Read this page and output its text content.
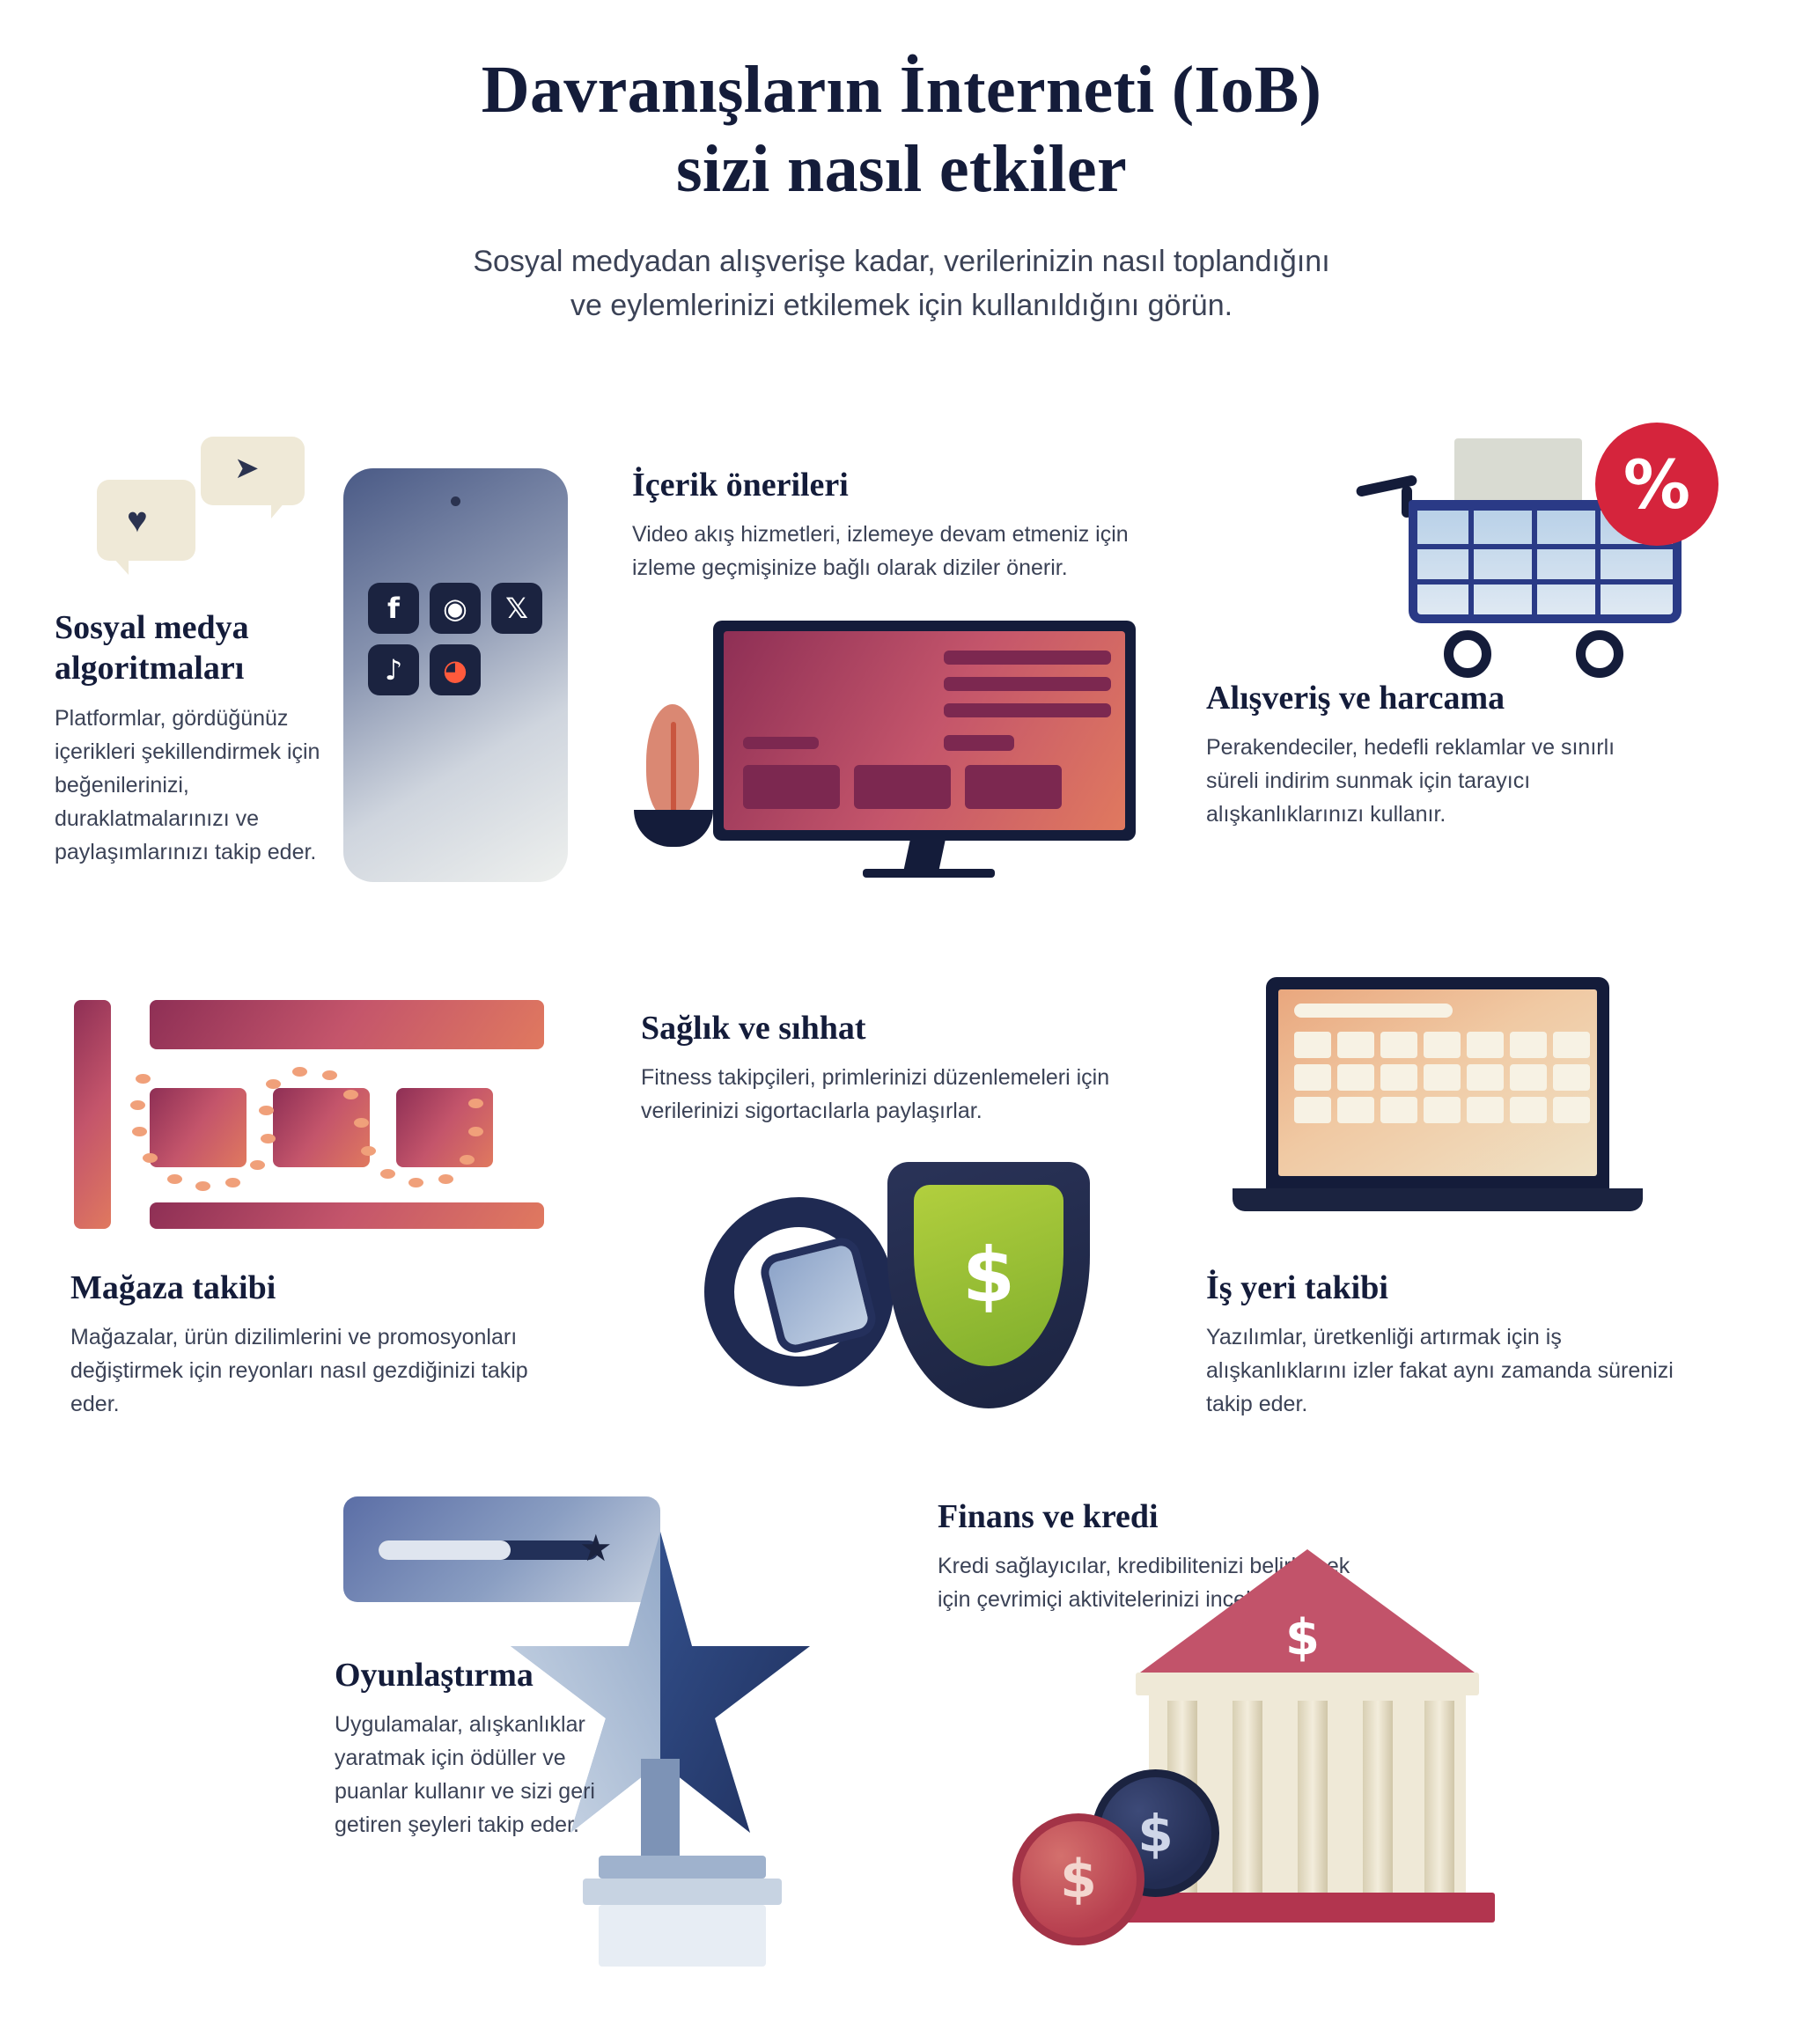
Davranışların İnterneti (IoB)
sizi nasıl etkiler

Sosyal medyadan alışverişe kadar, verilerinizin nasıl toplandığını
ve eylemlerinizi etkilemek için kullanıldığını görün.

➤
♥
f	◉	𝕏
♪	◕
Sosyal medya algoritmaları

Platformlar, gördüğünüz içerikleri şekillendirmek için beğenilerinizi, duraklatmalarınızı ve paylaşımlarınızı takip eder.

İçerik önerileri

Video akış hizmetleri, izlemeye devam etmeniz için izleme geçmişinize bağlı olarak diziler önerir.

%
Alışveriş ve harcama

Perakendeciler, hedefli reklamlar ve sınırlı süreli indirim sunmak için tarayıcı alışkanlıklarınızı kullanır.

Mağaza takibi

Mağazalar, ürün dizilimlerini ve promosyonları değiştirmek için reyonları nasıl gezdiğinizi takip eder.

Sağlık ve sıhhat

Fitness takipçileri, primlerinizi düzenlemeleri için verilerinizi sigortacılarla paylaşırlar.

$	İş yeri takibi

Yazılımlar, üretkenliği artırmak için iş alışkanlıklarını izler fakat aynı zamanda sürenizi takip eder.

★
Oyunlaştırma

Uygulamalar, alışkanlıklar yaratmak için ödüller ve puanlar kullanır ve sizi geri getiren şeyleri takip eder.

Finans ve kredi

Kredi sağlayıcılar, kredibilitenizi belirlemek için çevrimiçi aktivitelerinizi inceler.

$
$
$
